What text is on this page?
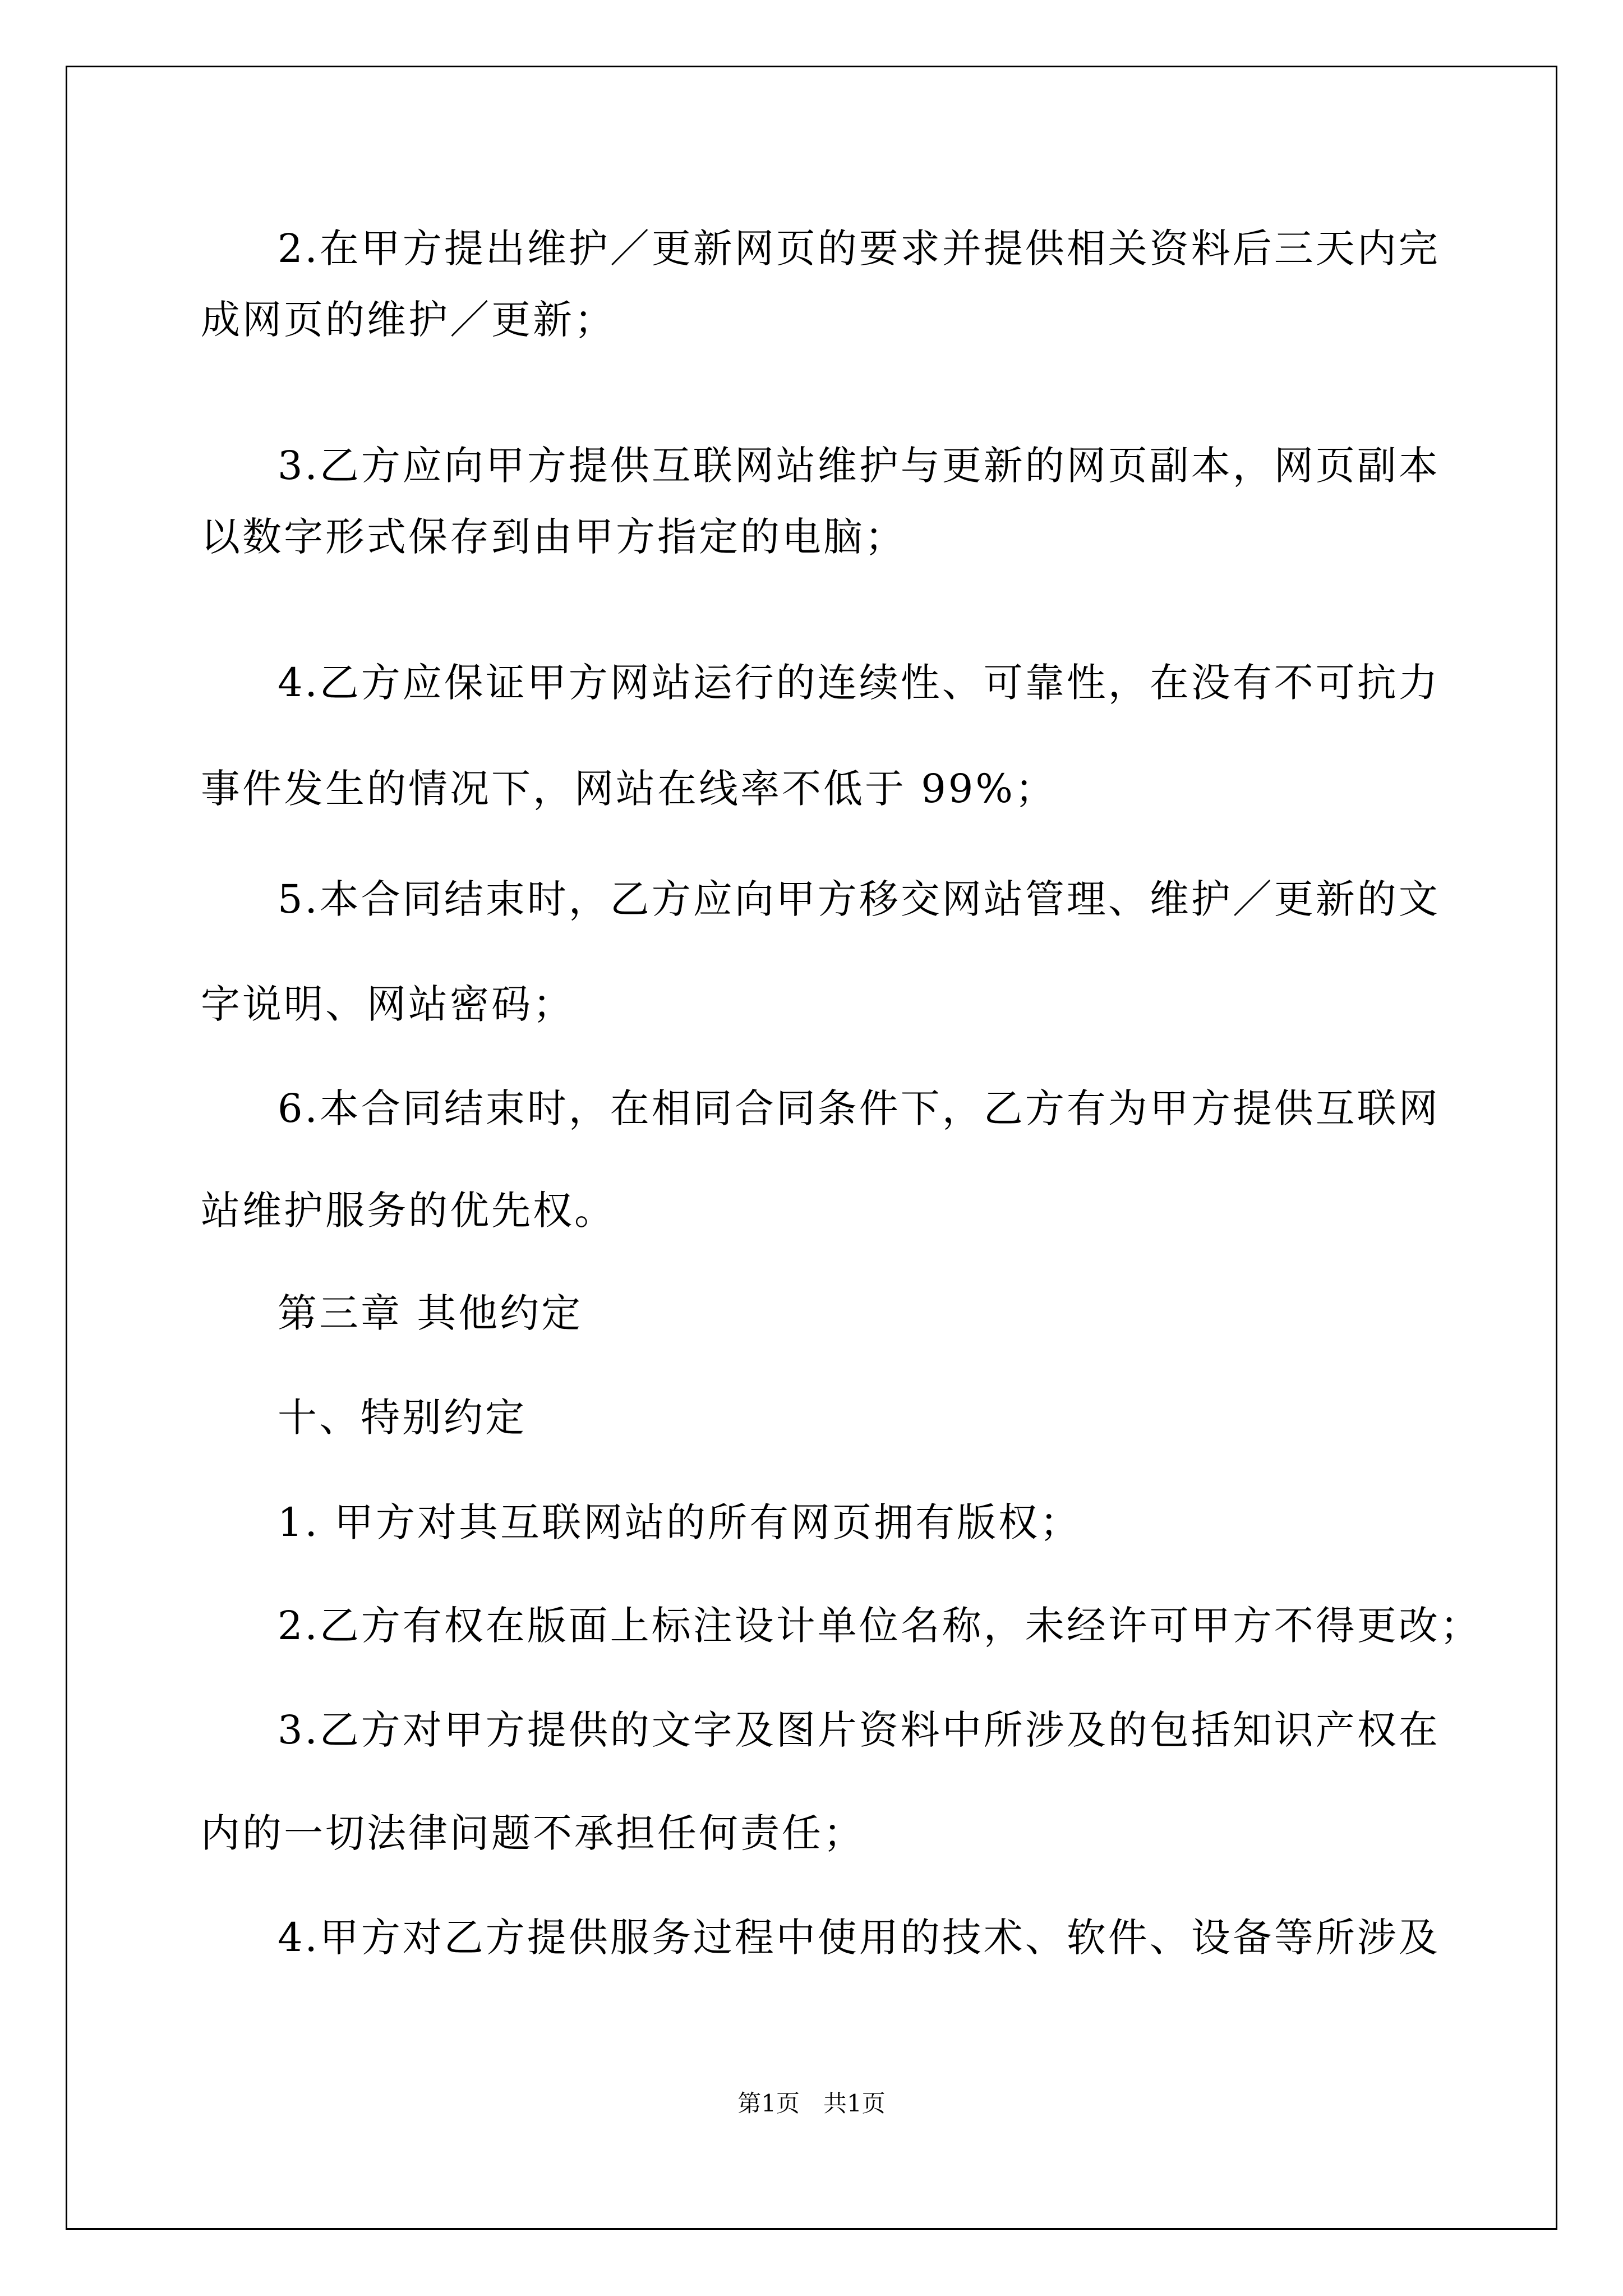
2.在甲方提出维护／更新网页的要求并提供相关资料后三天内完
成网页的维护／更新；
3.乙方应向甲方提供互联网站维护与更新的网页副本，网页副本
以数字形式保存到由甲方指定的电脑；
4.乙方应保证甲方网站运行的连续性、可靠性，在没有不可抗力
事件发生的情况下，网站在线率不低于 99%；
5.本合同结束时，乙方应向甲方移交网站管理、维护／更新的文
字说明、网站密码；
6.本合同结束时，在相同合同条件下，乙方有为甲方提供互联网
站维护服务的优先权。
第三章 其他约定
十、特别约定
1. 甲方对其互联网站的所有网页拥有版权；
2.乙方有权在版面上标注设计单位名称，未经许可甲方不得更改；
3.乙方对甲方提供的文字及图片资料中所涉及的包括知识产权在
内的一切法律问题不承担任何责任；
4.甲方对乙方提供服务过程中使用的技术、软件、设备等所涉及
第1页　共1页
